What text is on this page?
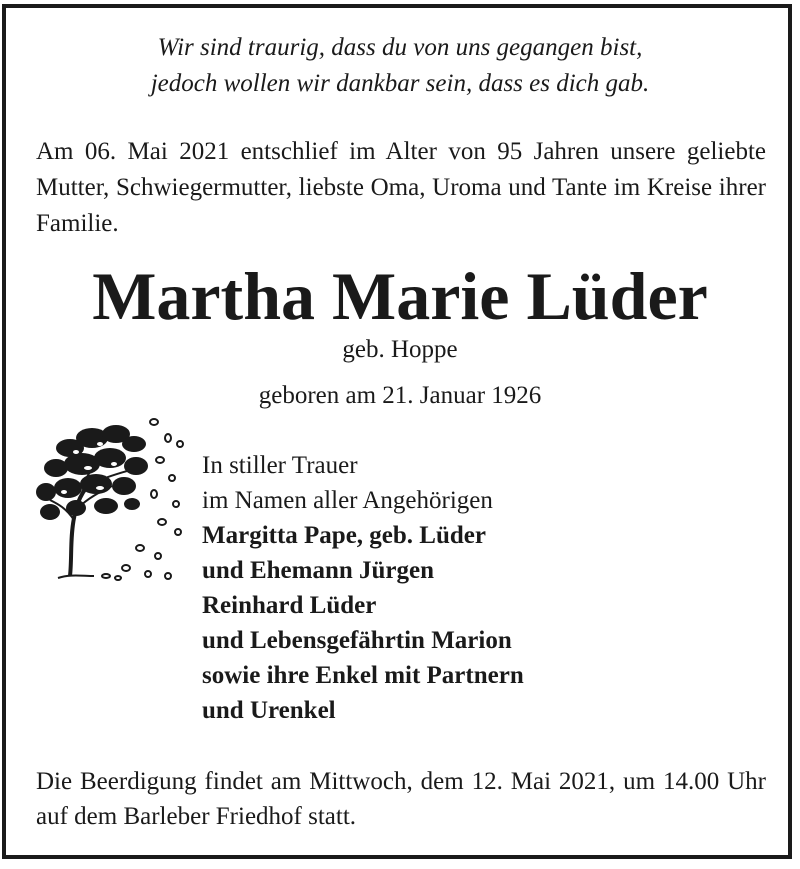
Wir sind traurig, dass du von uns gegangen bist,
jedoch wollen wir dankbar sein, dass es dich gab.
Am 06. Mai 2021 entschlief im Alter von 95 Jahren unsere geliebte Mutter, Schwiegermutter, liebste Oma, Uroma und Tante im Kreise ihrer Familie.
Martha Marie Lüder
geb. Hoppe
geboren am 21. Januar 1926
In stiller Trauer
im Namen aller Angehörigen
Margitta Pape, geb. Lüder
und Ehemann Jürgen
Reinhard Lüder
und Lebensgefährtin Marion
sowie ihre Enkel mit Partnern
und Urenkel
Die Beerdigung findet am Mittwoch, dem 12. Mai 2021, um 14.00 Uhr auf dem Barleber Friedhof statt.
